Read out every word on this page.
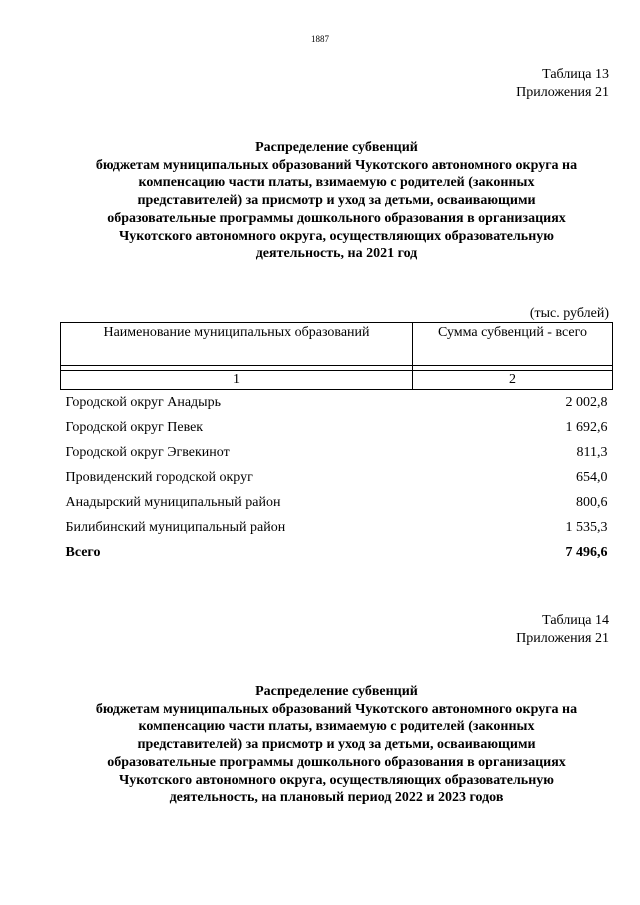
1887
Таблица 13
Приложения 21
Распределение субвенций
бюджетам муниципальных образований Чукотского автономного округа на
компенсацию части платы, взимаемую с родителей (законных
представителей) за присмотр и уход за детьми, осваивающими
образовательные программы дошкольного образования в организациях
Чукотского автономного округа, осуществляющих образовательную
деятельность, на 2021 год
(тыс. рублей)
Наименование муниципальных образований	Сумма субвенций - всего

1	2
Городской округ Анадырь	2 002,8
Городской округ Певек	1 692,6
Городской округ Эгвекинот	811,3
Провиденский городской округ	654,0
Анадырский муниципальный район	800,6
Билибинский муниципальный район	1 535,3
Всего	7 496,6
Таблица 14
Приложения 21
Распределение субвенций
бюджетам муниципальных образований Чукотского автономного округа на
компенсацию части платы, взимаемую с родителей (законных
представителей) за присмотр и уход за детьми, осваивающими
образовательные программы дошкольного образования в организациях
Чукотского автономного округа, осуществляющих образовательную
деятельность, на плановый период 2022 и 2023 годов
